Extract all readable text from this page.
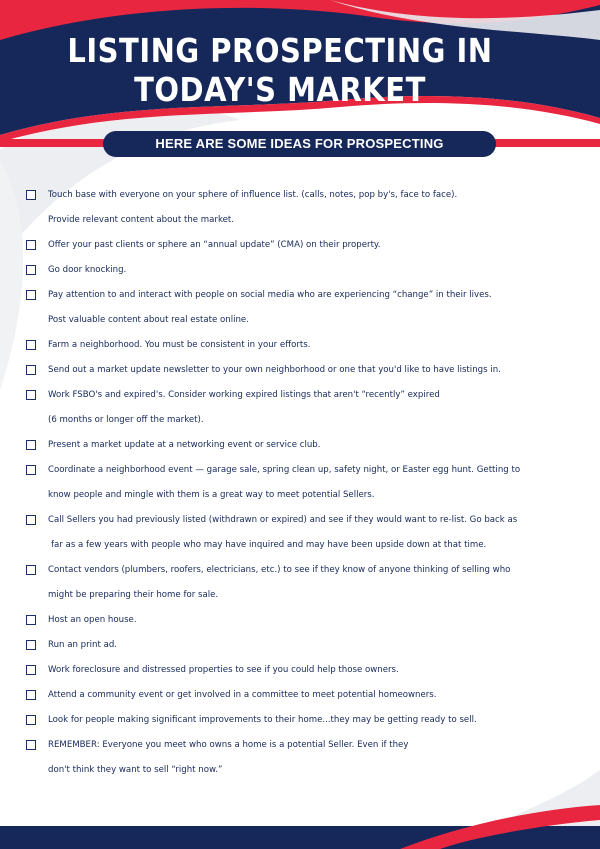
LISTING PROSPECTING IN TODAY'S MARKET
HERE ARE SOME IDEAS FOR PROSPECTING
Touch base with everyone on your sphere of influence list. (calls, notes, pop by's, face to face).
Provide relevant content about the market.
Offer your past clients or sphere an “annual update” (CMA) on their property.
Go door knocking.
Pay attention to and interact with people on social media who are experiencing “change” in their lives.
Post valuable content about real estate online.
Farm a neighborhood. You must be consistent in your efforts.
Send out a market update newsletter to your own neighborhood or one that you'd like to have listings in.
Work FSBO's and expired's. Consider working expired listings that aren't “recently” expired
(6 months or longer off the market).
Present a market update at a networking event or service club.
Coordinate a neighborhood event — garage sale, spring clean up, safety night, or Easter egg hunt. Getting to
know people and mingle with them is a great way to meet potential Sellers.
Call Sellers you had previously listed (withdrawn or expired) and see if they would want to re-list. Go back as
far as a few years with people who may have inquired and may have been upside down at that time.
Contact vendors (plumbers, roofers, electricians, etc.) to see if they know of anyone thinking of selling who
might be preparing their home for sale.
Host an open house.
Run an print ad.
Work foreclosure and distressed properties to see if you could help those owners.
Attend a community event or get involved in a committee to meet potential homeowners.
Look for people making significant improvements to their home...they may be getting ready to sell.
REMEMBER: Everyone you meet who owns a home is a potential Seller. Even if they
don't think they want to sell “right now.”
